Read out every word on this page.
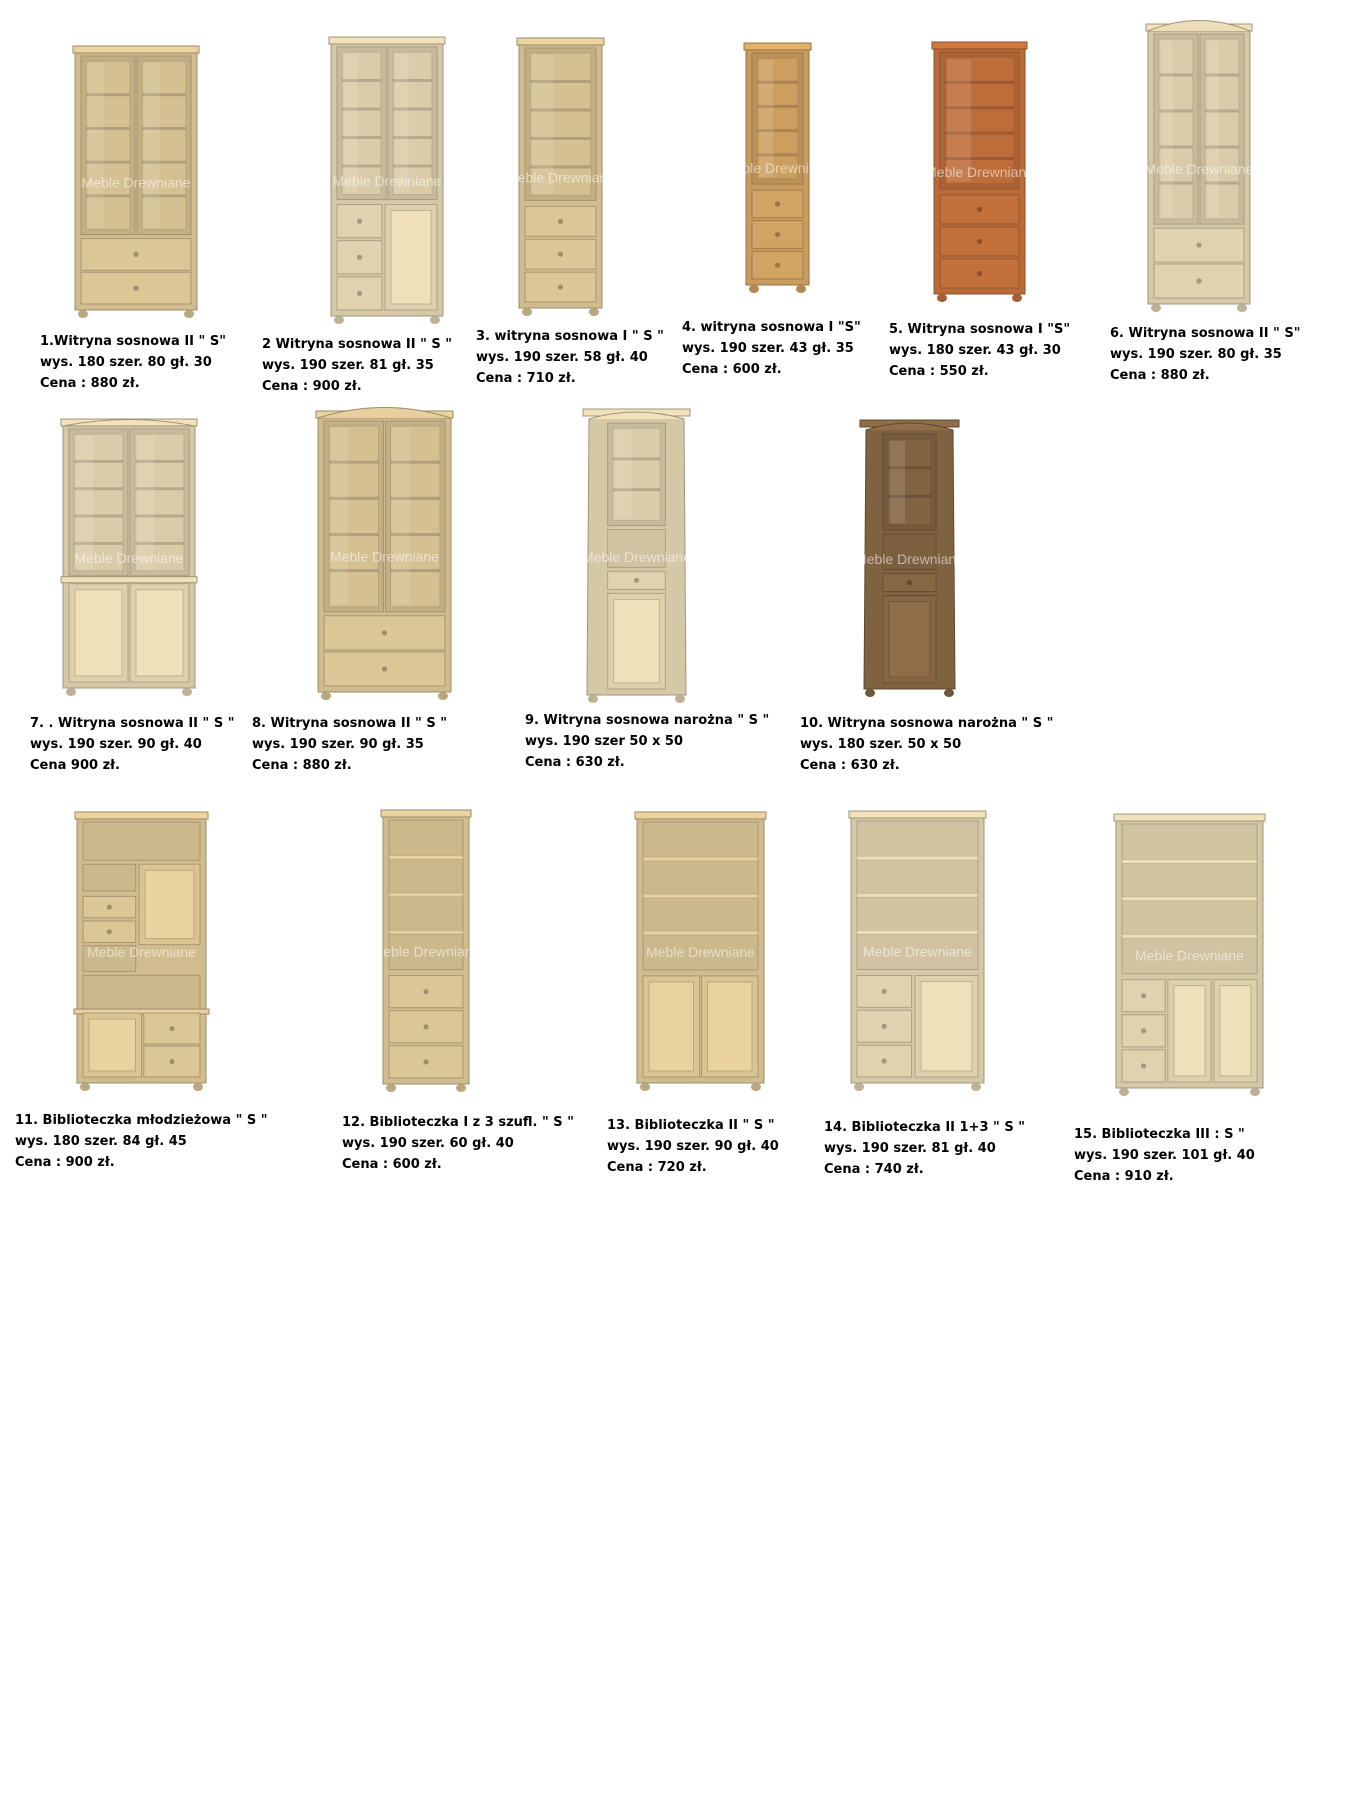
Meble Drewniane
1.Witryna sosnowa II " S"
wys. 180 szer. 80 gł. 30
Cena : 880 zł.
Meble Drewniane
2 Witryna sosnowa II " S "
wys. 190 szer. 81 gł. 35
Cena : 900 zł.
Meble Drewniane
3. witryna sosnowa I " S "
wys. 190 szer. 58 gł. 40
Cena : 710 zł.
Meble Drewniane
4. witryna sosnowa I "S"
wys. 190 szer. 43 gł. 35
Cena : 600 zł.
Meble Drewniane
5. Witryna sosnowa I "S"
wys. 180 szer. 43 gł. 30
Cena : 550 zł.
Meble Drewniane
6. Witryna sosnowa II " S"
wys. 190 szer. 80 gł. 35
Cena : 880 zł.
Meble Drewniane
7. . Witryna sosnowa II " S "
wys. 190 szer. 90 gł. 40
Cena 900 zł.
Meble Drewniane
8. Witryna sosnowa II " S "
wys. 190 szer. 90 gł. 35
Cena : 880 zł.
Meble Drewniane
9. Witryna sosnowa narożna " S "
wys. 190 szer 50 x 50
Cena : 630 zł.
Meble Drewniane
10. Witryna sosnowa narożna " S "
wys. 180 szer. 50 x 50
Cena : 630 zł.
Meble Drewniane
11. Biblioteczka młodzieżowa " S "
wys. 180 szer. 84 gł. 45
Cena : 900 zł.
Meble Drewniane
12. Biblioteczka I z 3 szufl. " S "
wys. 190 szer. 60 gł. 40
Cena : 600 zł.
Meble Drewniane
13. Biblioteczka II " S "
wys. 190 szer. 90 gł. 40
Cena : 720 zł.
Meble Drewniane
14. Biblioteczka II 1+3 " S "
wys. 190 szer. 81 gł. 40
Cena : 740 zł.
Meble Drewniane
15. Biblioteczka III : S "
wys. 190 szer. 101 gł. 40
Cena : 910 zł.
